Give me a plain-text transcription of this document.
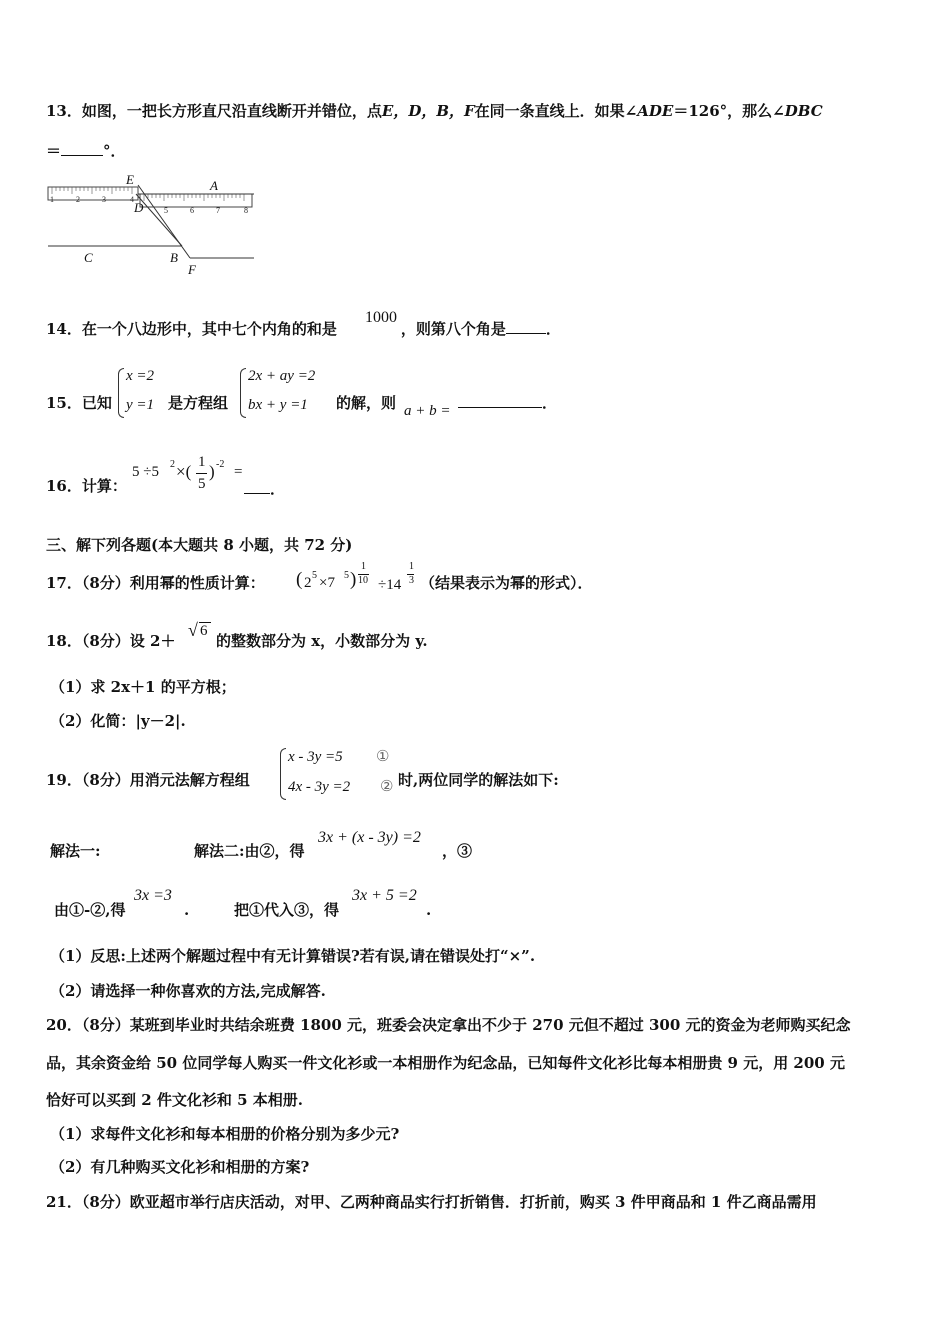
13．如图，一把长方形直尺沿直线断开并错位，点E，D，B，F在同一条直线上．如果∠ADE＝126°，那么∠DBC
＝	°．
1	2	3	4
5	6	7	8
E	A
D
C	B
F
14．在一个八边形中，其中七个内角的和是	，则第八个角是	．
1000
15．已知
x =2
y =1 是方程组
2x + ay =2
bx + y =1 的解，则 a + b =	．
16．计算：
5 ÷5 2 ×( 1
5
) -2 =
．
三、解下列各题(本大题共 8 小题，共 72 分)
17．（8分）利用幂的性质计算： ( 2 5 ×7 5 )
1
10 ÷14
1
3 （结果表示为幂的形式）．
18．（8分）设 2＋
√ 6
的整数部分为 x，小数部分为 y.
（1）求 2x＋1 的平方根；
（2）化简：|y－2|.
19．（8分）用消元法解方程组
x - 3y =5 ①
4x - 3y =2 ② 时,两位同学的解法如下:
解法一:	解法二:由②，得
3x + (x - 3y) =2
，③
由①-②,得
3x =3
.	把①代入③，得
3x + 5 =2
.
（1）反思:上述两个解题过程中有无计算错误?若有误,请在错误处打“×”.
（2）请选择一种你喜欢的方法,完成解答.
20．（8分）某班到毕业时共结余班费 1800 元，班委会决定拿出不少于 270 元但不超过 300 元的资金为老师购买纪念
品，其余资金给 50 位同学每人购买一件文化衫或一本相册作为纪念品，已知每件文化衫比每本相册贵 9 元，用 200 元
恰好可以买到 2 件文化衫和 5 本相册.
（1）求每件文化衫和每本相册的价格分别为多少元?
（2）有几种购买文化衫和相册的方案?
21．（8分）欧亚超市举行店庆活动，对甲、乙两种商品实行打折销售．打折前，购买 3 件甲商品和 1 件乙商品需用
